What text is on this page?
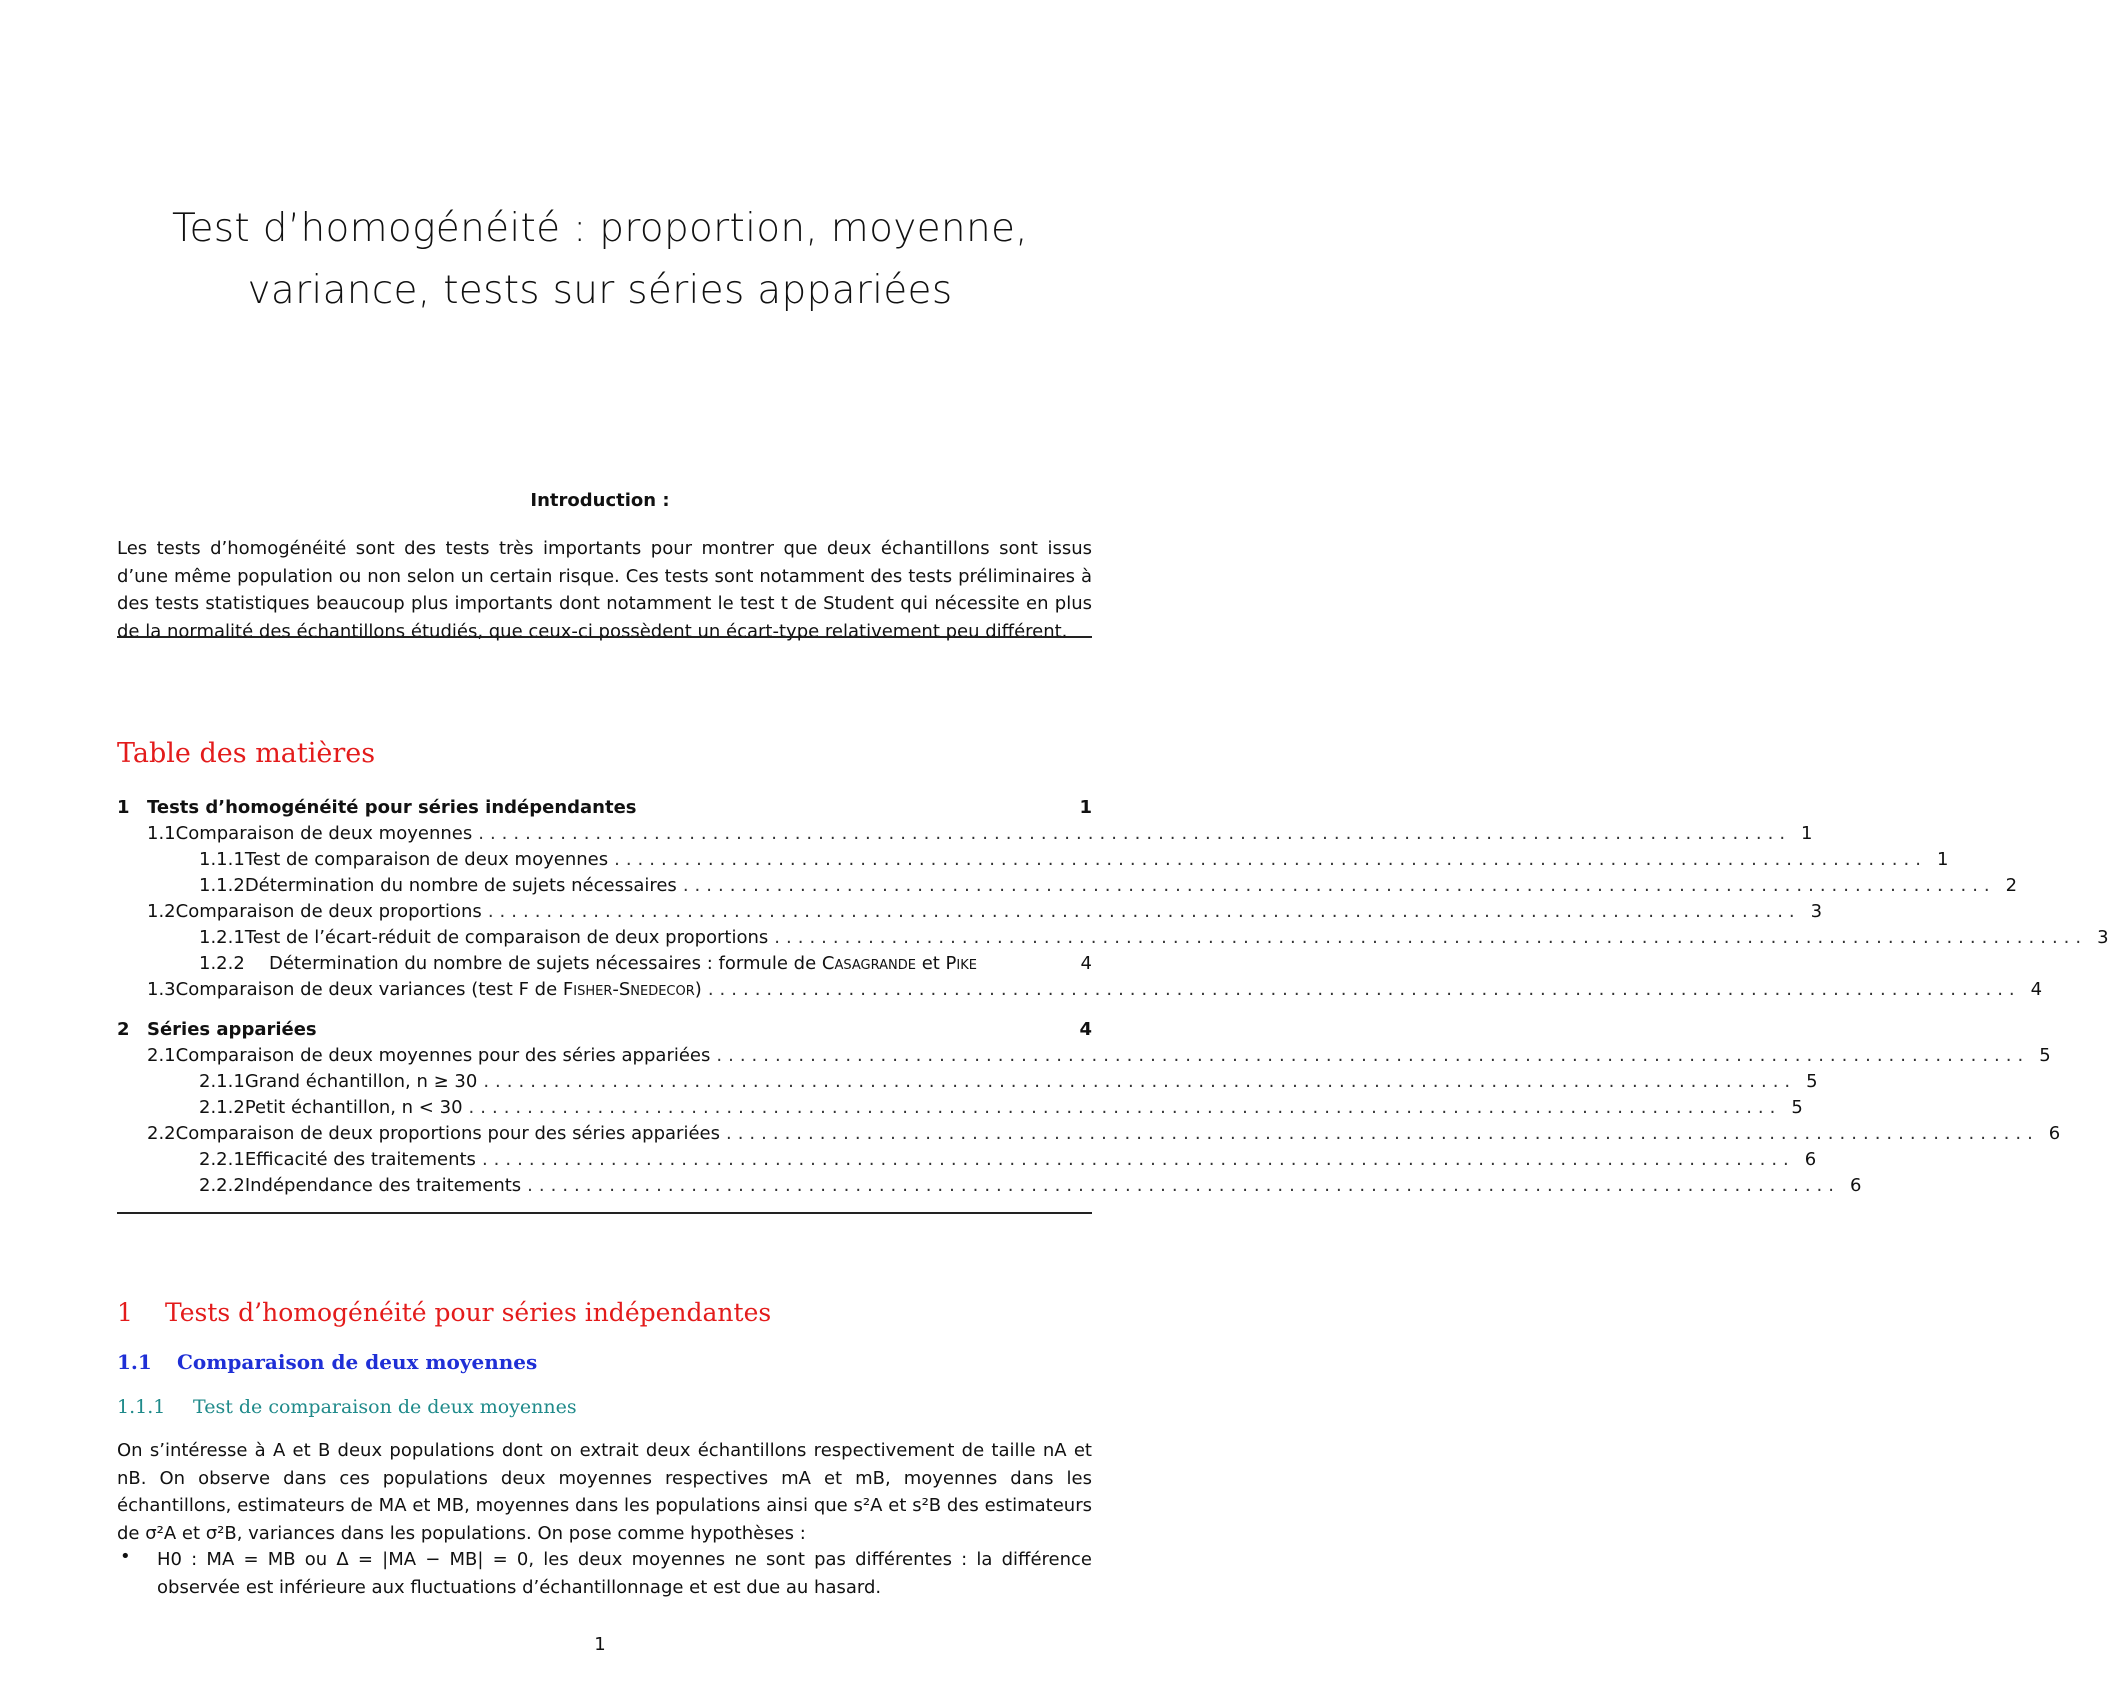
Test d’homogénéité : proportion, moyenne,
variance, tests sur séries appariées
Introduction :
Les tests d’homogénéité sont des tests très importants pour montrer que deux échantillons sont issus d’une même population ou non selon un certain risque. Ces tests sont notamment des tests préliminaires à des tests statistiques beaucoup plus importants dont notamment le test t de Student qui nécessite en plus de la normalité des échantillons étudiés, que ceux-ci possèdent un écart-type relativement peu différent.
Table des matières
1 Tests d’homogénéité pour séries indépendantes	1
1.1 Comparaison de deux moyennes ................................................................................................................ 1
1.1.1 Test de comparaison de deux moyennes ................................................................................................................ 1
1.1.2 Détermination du nombre de sujets nécessaires ................................................................................................................ 2
1.2 Comparaison de deux proportions ................................................................................................................ 3
1.2.1 Test de l’écart-réduit de comparaison de deux proportions ................................................................................................................ 3
1.2.2	Détermination du nombre de sujets nécessaires : formule de Casagrande et Pike	4
1.3 Comparaison de deux variances (test F de Fisher-Snedecor) ................................................................................................................ 4
2 Séries appariées	4
2.1 Comparaison de deux moyennes pour des séries appariées ................................................................................................................ 5
2.1.1 Grand échantillon, n ≥ 30 ................................................................................................................ 5
2.1.2 Petit échantillon, n < 30 ................................................................................................................ 5
2.2 Comparaison de deux proportions pour des séries appariées ................................................................................................................ 6
2.2.1 Efficacité des traitements ................................................................................................................ 6
2.2.2 Indépendance des traitements ................................................................................................................ 6
1 Tests d’homogénéité pour séries indépendantes
1.1 Comparaison de deux moyennes
1.1.1 Test de comparaison de deux moyennes
On s’intéresse à A et B deux populations dont on extrait deux échantillons respectivement de taille nA et nB. On observe dans ces populations deux moyennes respectives mA et mB, moyennes dans les échantillons, estimateurs de MA et MB, moyennes dans les populations ainsi que s²A et s²B des estimateurs de σ²A et σ²B, variances dans les populations. On pose comme hypothèses :
• H0 : MA = MB ou Δ = |MA − MB| = 0, les deux moyennes ne sont pas différentes : la différence observée est inférieure aux fluctuations d’échantillonnage et est due au hasard.
1
